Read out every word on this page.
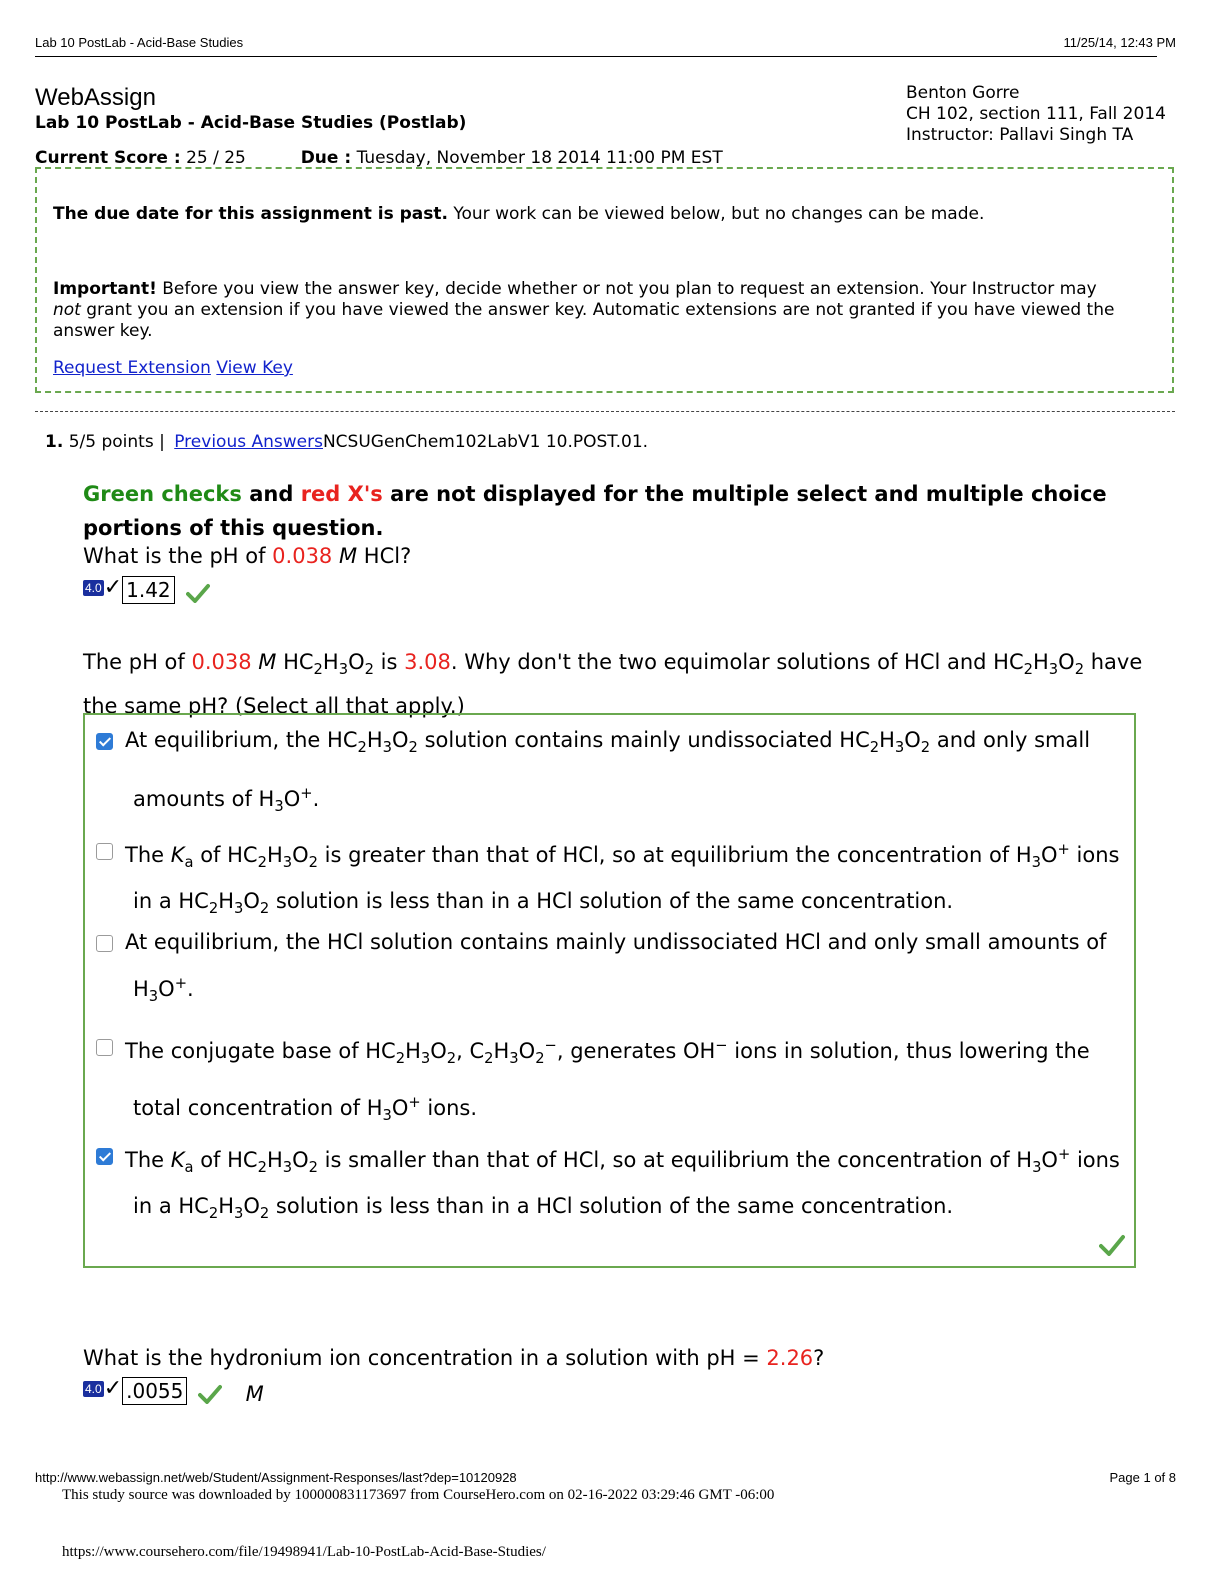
Lab 10 PostLab - Acid-Base Studies	11/25/14, 12:43 PM
WebAssign
Lab 10 PostLab - Acid-Base Studies (Postlab)
Benton Gorre
CH 102, section 111, Fall 2014
Instructor: Pallavi Singh TA
Current Score : 25 / 25	Due : Tuesday, November 18 2014 11:00 PM EST
The due date for this assignment is past. Your work can be viewed below, but no changes can be made.
Important! Before you view the answer key, decide whether or not you plan to request an extension. Your Instructor may
not grant you an extension if you have viewed the answer key. Automatic extensions are not granted if you have viewed the
answer key.
Request Extension View Key
1. 5/5 points | Previous AnswersNCSUGenChem102LabV1 10.POST.01.
Green checks and red X's are not displayed for the multiple select and multiple choice
portions of this question.
What is the pH of 0.038 M HCl?
4.0✓ 1.42
The pH of 0.038 M $HC_2H_3O_2$ is 3.08. Why don't the two equimolar solutions of HCl and $HC_2H_3O_2$ have
the same pH? (Select all that apply.)
At equilibrium, the $HC_2H_3O_2$ solution contains mainly undissociated $HC_2H_3O_2$ and only small

amounts of $H_3O^+$.
The $K_a$ of $HC_2H_3O_2$ is greater than that of HCl, so at equilibrium the concentration of $H_3O^+$ ions

in a $HC_2H_3O_2$ solution is less than in a HCl solution of the same concentration.
At equilibrium, the HCl solution contains mainly undissociated HCl and only small amounts of

$H_3O^+$.
The conjugate base of $HC_2H_3O_2$, $C_2H_3O_2^-$, generates OH− ions in solution, thus lowering the

total concentration of $H_3O^+$ ions.
The $K_a$ of $HC_2H_3O_2$ is smaller than that of HCl, so at equilibrium the concentration of $H_3O^+$ ions

in a $HC_2H_3O_2$ solution is less than in a HCl solution of the same concentration.
What is the hydronium ion concentration in a solution with pH = 2.26?
4.0✓ .0055	M
http://www.webassign.net/web/Student/Assignment-Responses/last?dep=10120928	Page 1 of 8
This study source was downloaded by 100000831173697 from CourseHero.com on 02-16-2022 03:29:46 GMT -06:00
https://www.coursehero.com/file/19498941/Lab-10-PostLab-Acid-Base-Studies/
